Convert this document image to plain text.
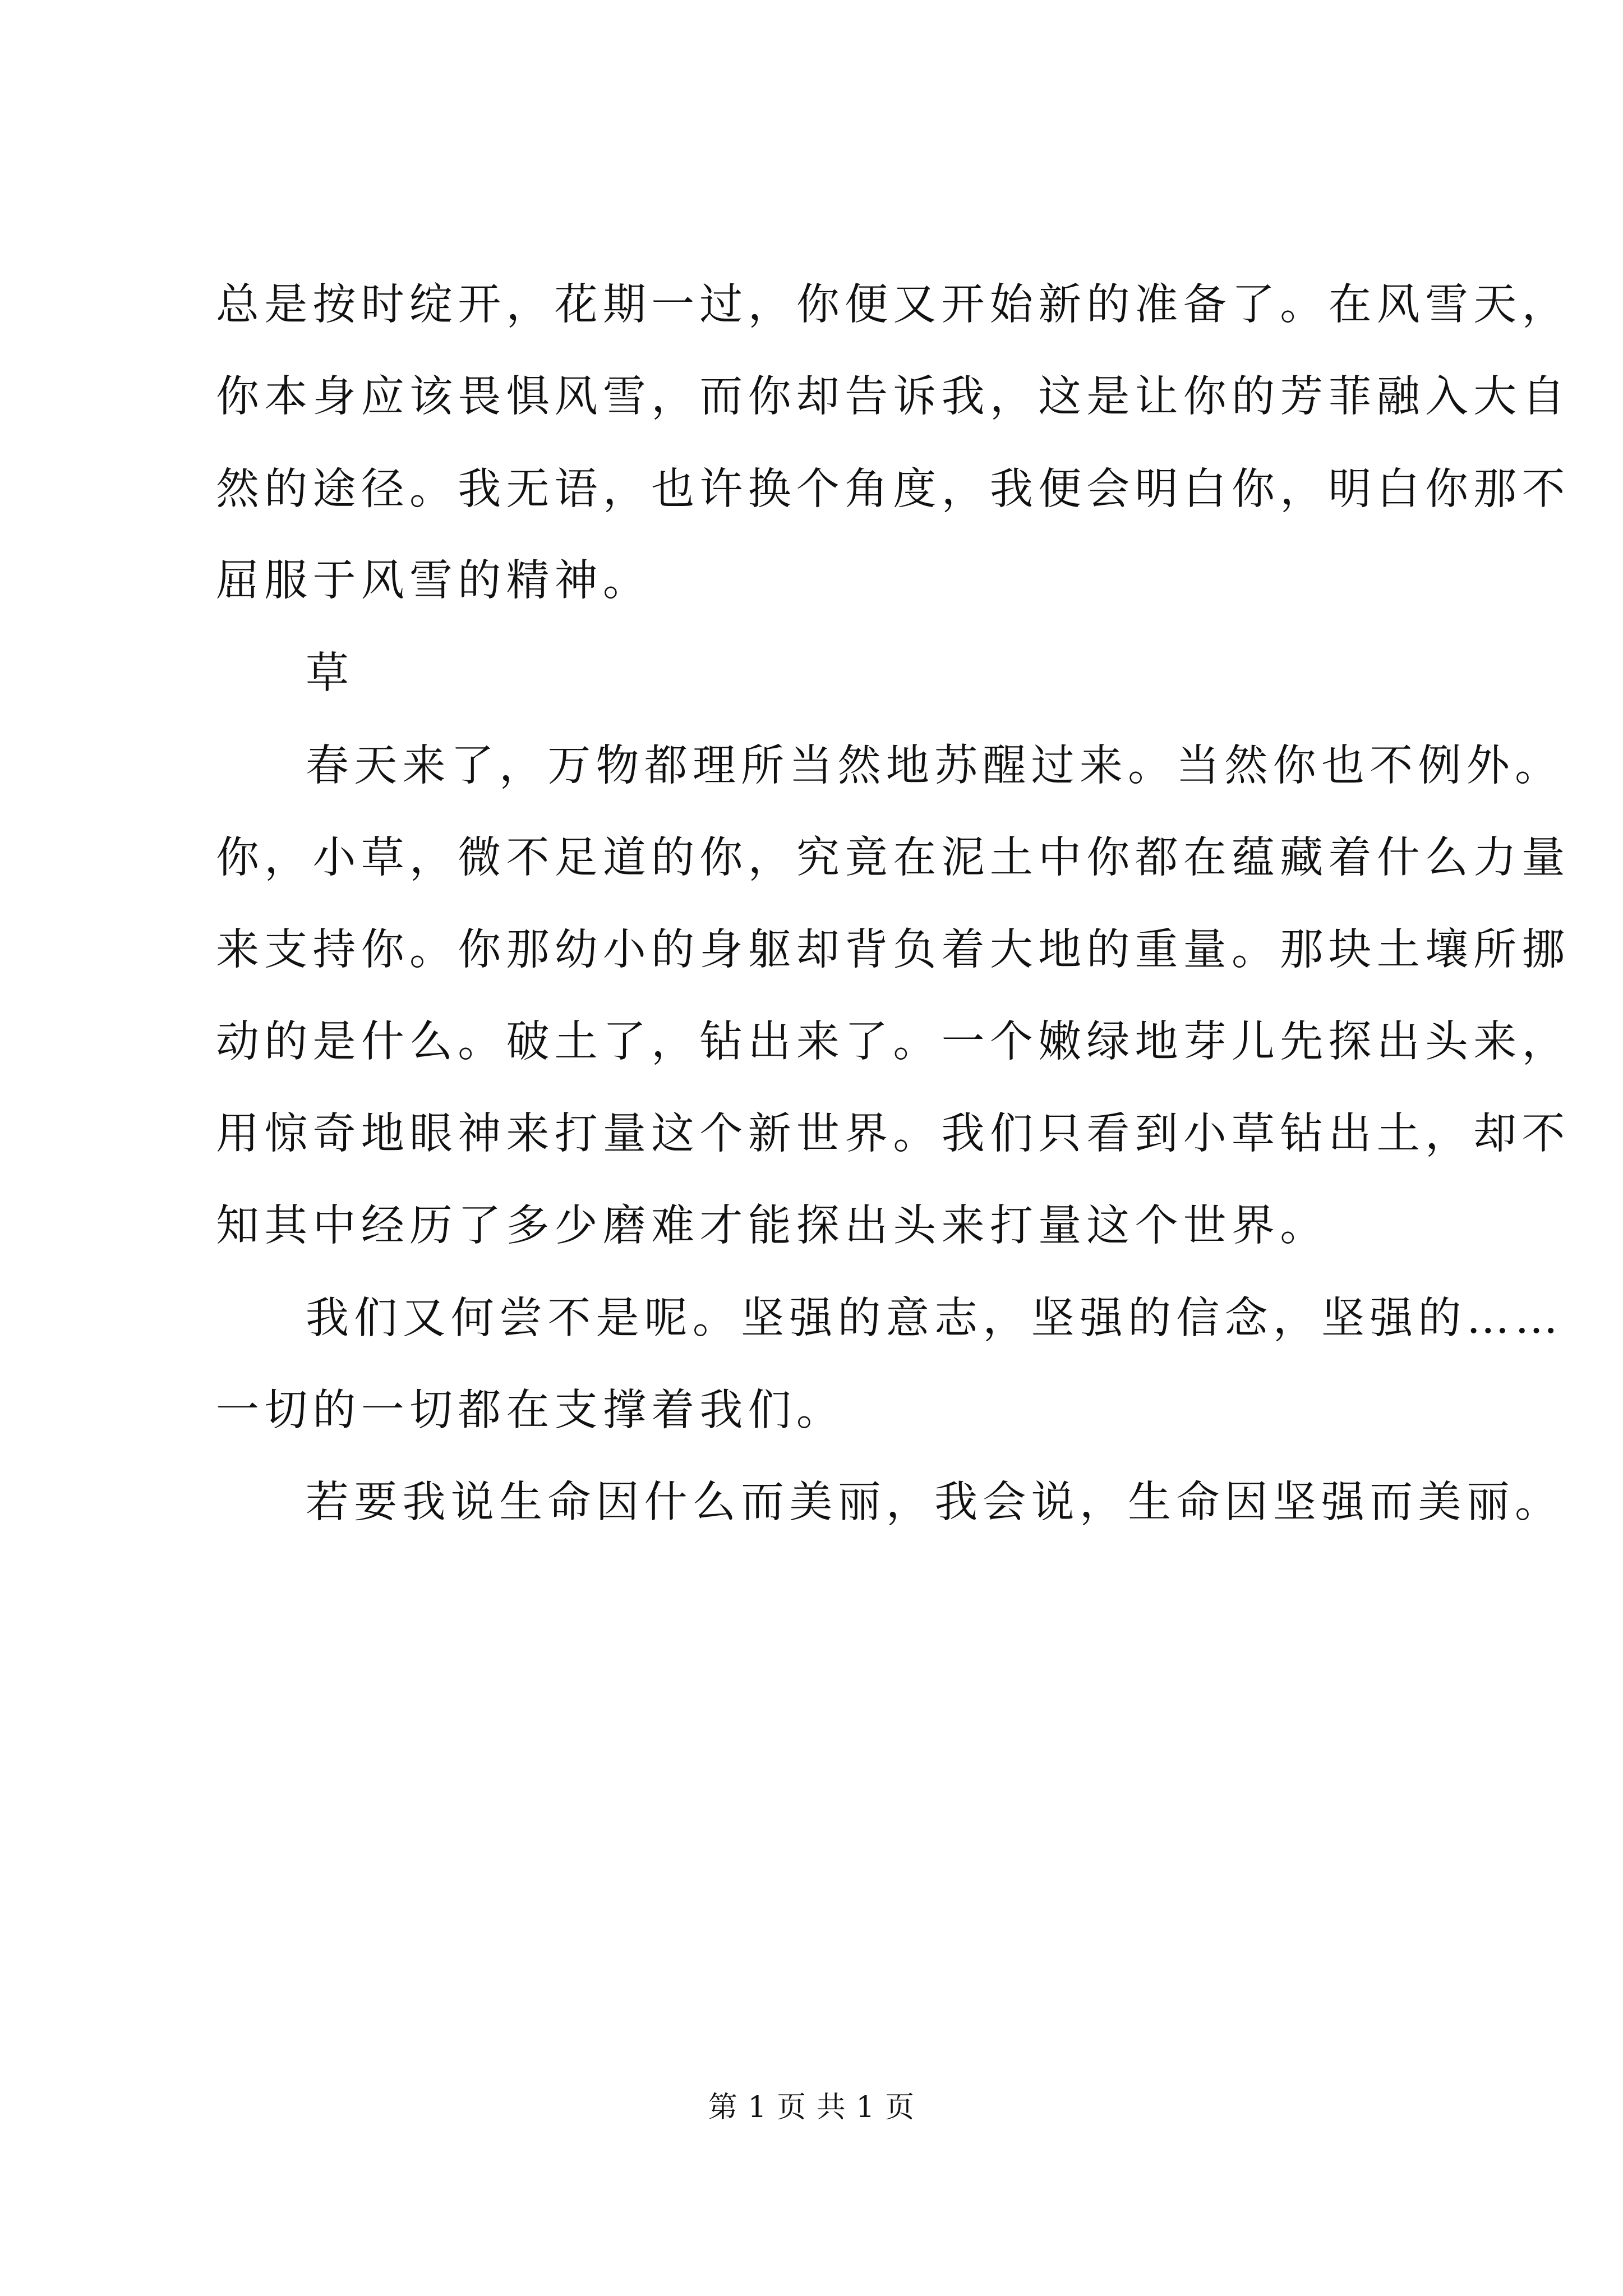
总是按时绽开，花期一过，你便又开始新的准备了。在风雪天，
你本身应该畏惧风雪，而你却告诉我，这是让你的芳菲融入大自
然的途径。我无语，也许换个角度，我便会明白你，明白你那不
屈服于风雪的精神。
草
春天来了，万物都理所当然地苏醒过来。当然你也不例外。
你，小草，微不足道的你，究竟在泥土中你都在蕴藏着什么力量
来支持你。你那幼小的身躯却背负着大地的重量。那块土壤所挪
动的是什么。破土了，钻出来了。一个嫩绿地芽儿先探出头来，
用惊奇地眼神来打量这个新世界。我们只看到小草钻出土，却不
知其中经历了多少磨难才能探出头来打量这个世界。
我们又何尝不是呢。坚强的意志，坚强的信念，坚强的……
一切的一切都在支撑着我们。
若要我说生命因什么而美丽，我会说，生命因坚强而美丽。
第 1 页 共 1 页
